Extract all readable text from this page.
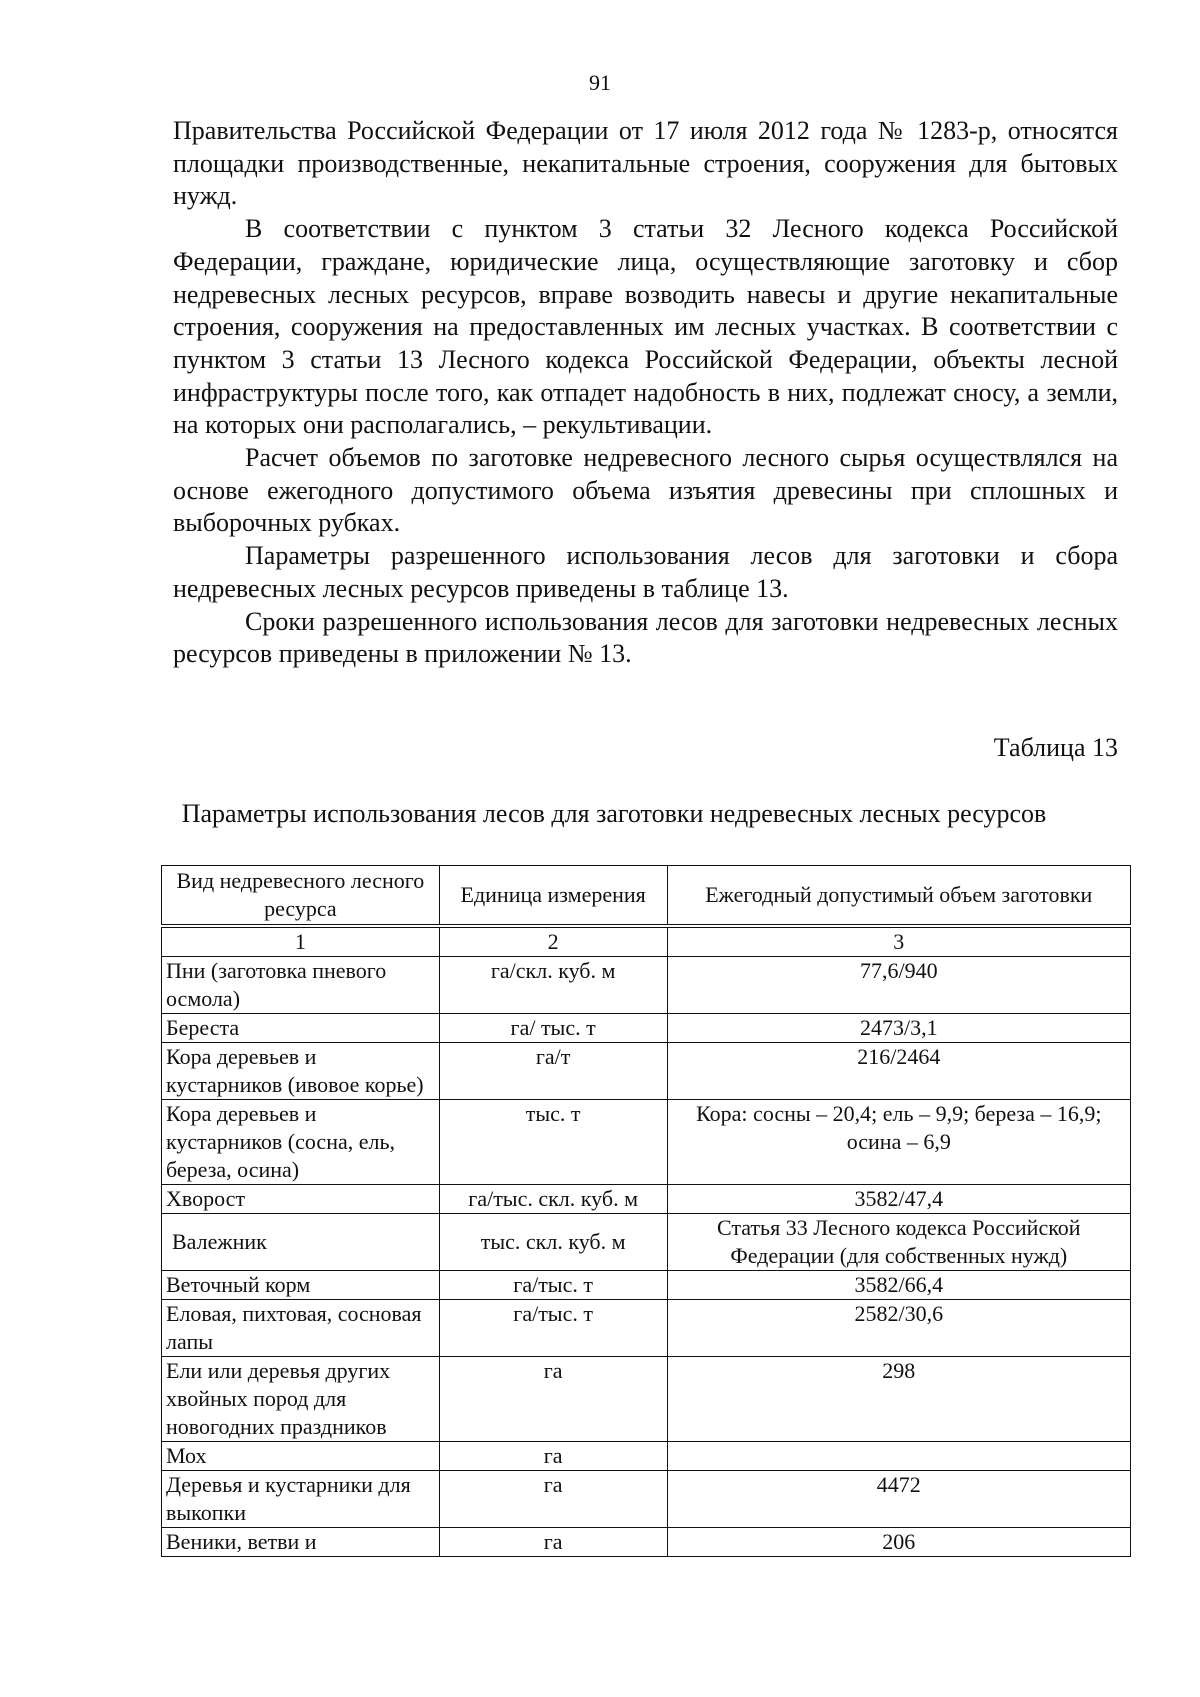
91

Правительства Российской Федерации от 17 июля 2012 года № 1283-р, относятся площадки производственные, некапитальные строения, сооружения для бытовых нужд.

В соответствии с пунктом 3 статьи 32 Лесного кодекса Российской Федерации, граждане, юридические лица, осуществляющие заготовку и сбор недревесных лесных ресурсов, вправе возводить навесы и другие некапитальные строения, сооружения на предоставленных им лесных участках. В соответствии с пунктом 3 статьи 13 Лесного кодекса Российской Федерации, объекты лесной инфраструктуры после того, как отпадет надобность в них, подлежат сносу, а земли, на которых они располагались, – рекультивации.

Расчет объемов по заготовке недревесного лесного сырья осуществлялся на основе ежегодного допустимого объема изъятия древесины при сплошных и выборочных рубках.

Параметры разрешенного использования лесов для заготовки и сбора недревесных лесных ресурсов приведены в таблице 13.

Сроки разрешенного использования лесов для заготовки недревесных лесных ресурсов приведены в приложении № 13.

Таблица 13
Параметры использования лесов для заготовки недревесных лесных ресурсов
Вид недревесного лесного ресурса	Единица измерения	Ежегодный допустимый объем заготовки
1	2	3
Пни (заготовка пневого осмола)	га/скл. куб. м	77,6/940
Береста	га/ тыс. т	2473/3,1
Кора деревьев и кустарников (ивовое корье)	га/т	216/2464
Кора деревьев и кустарников (сосна, ель, береза, осина)	тыс. т	Кора: сосны – 20,4; ель – 9,9; береза – 16,9; осина – 6,9
Хворост	га/тыс. скл. куб. м	3582/47,4
Валежник	тыс. скл. куб. м	Статья 33 Лесного кодекса Российской Федерации (для собственных нужд)
Веточный корм	га/тыс. т	3582/66,4
Еловая, пихтовая, сосновая лапы	га/тыс. т	2582/30,6
Ели или деревья других хвойных пород для новогодних праздников	га	298
Мох	га	
Деревья и кустарники для выкопки	га	4472
Веники, ветви и	га	206
